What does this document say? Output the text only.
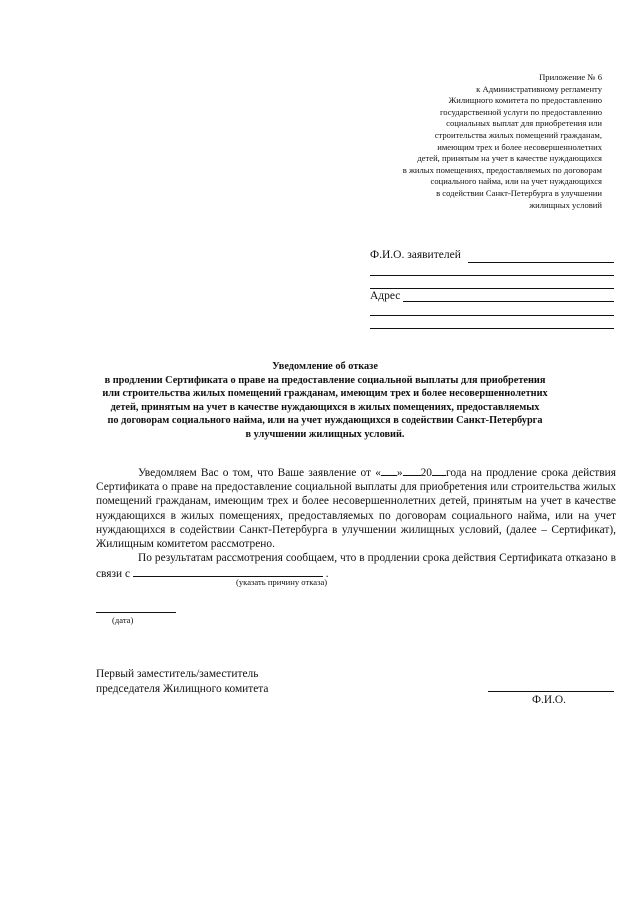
Приложение № 6
к Административному регламенту
Жилищного комитета по предоставлению
государственной услуги по предоставлению
социальных выплат для приобретения или
строительства жилых помещений гражданам,
имеющим трех и более несовершеннолетних
детей, принятым на учет в качестве нуждающихся
в жилых помещениях, предоставляемых по договорам
социального найма, или на учет нуждающихся
в содействии Санкт-Петербурга в улучшении
жилищных условий
Ф.И.О. заявителей
Адрес
Уведомление об отказе
в продлении Сертификата о праве на предоставление социальной выплаты для приобретения
или строительства жилых помещений гражданам, имеющим трех и более несовершеннолетних
детей, принятым на учет в качестве нуждающихся в жилых помещениях, предоставляемых
по договорам социального найма, или на учет нуждающихся в содействии Санкт-Петербурга
в улучшении жилищных условий.
Уведомляем Вас о том, что Ваше заявление от « » 20 года на продление срока действия Сертификата о праве на предоставление социальной выплаты для приобретения или строительства жилых помещений гражданам, имеющим трех и более несовершеннолетних детей, принятым на учет в качестве нуждающихся в жилых помещениях, предоставляемых по договорам социального найма, или на учет нуждающихся в содействии Санкт-Петербурга в улучшении жилищных условий, (далее – Сертификат), Жилищным комитетом рассмотрено.
По результатам рассмотрения сообщаем, что в продлении срока действия Сертификата отказано в связи с	.
(указать причину отказа)
(дата)
Первый заместитель/заместитель
председателя Жилищного комитета
Ф.И.О.
